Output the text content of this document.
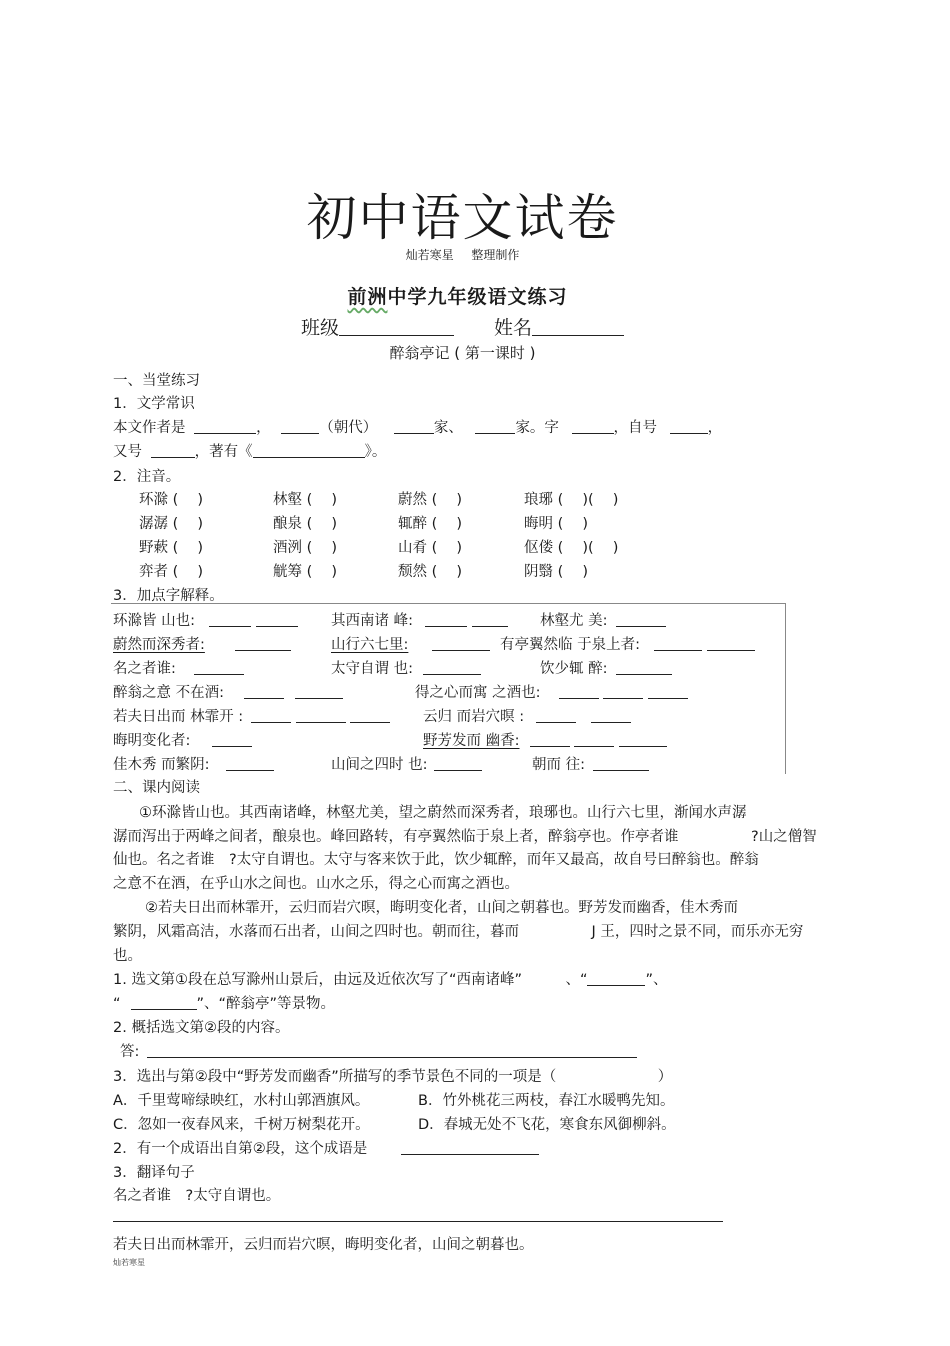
初中语文试卷
灿若寒星 整理制作
前洲中学九年级语文练习
班级	姓名
醉翁亭记 ( 第一课时 )
一、当堂练习
1．文学常识
本文作者是	，	（朝代）	家、	家。字	，自号	，
又号	，著有《	》。
2．注音。
环滁 (　 )	林壑 (　 )	蔚然 (　 )	琅琊 (　 )(　 )
潺潺 (　 )	酿泉 (　 )	辄醉 (　 )	晦明 (　 )
野蔌 (　 )	酒洌 (　 )	山肴 (　 )	伛偻 (　 )(　 )
弈者 (　 )	觥筹 (　 )	颓然 (　 )	阴翳 (　 )
3．加点字解释。
环滁皆 山也:	其西南诸 峰:	林壑尤 美:
蔚然而深秀者:	山行六七里:	有亭翼然临 于泉上者:
名之者谁:	太守自谓 也:	饮少辄 醉:
醉翁之意 不在酒:	得之心而寓 之酒也:
若夫日出而 林霏开 :	云归 而岩穴暝 :
晦明变化者:	野芳发而 幽香:
佳木秀 而繁阴:	山间之四时 也:	朝而 往:
二、课内阅读
①环滁皆山也。其西南诸峰，林壑尤美，望之蔚然而深秀者，琅琊也。山行六七里，渐闻水声潺
潺而泻出于两峰之间者，酿泉也。峰回路转，有亭翼然临于泉上者，醉翁亭也。作亭者谁　　　　　?山之僧智
仙也。名之者谁　?太守自谓也。太守与客来饮于此，饮少辄醉，而年又最高，故自号曰醉翁也。醉翁
之意不在酒，在乎山水之间也。山水之乐，得之心而寓之酒也。
②若夫日出而林霏开，云归而岩穴暝，晦明变化者，山间之朝暮也。野芳发而幽香，佳木秀而
繁阴，风霜高洁，水落而石出者，山间之四时也。朝而往，暮而　　　　　J 王，四时之景不同，而乐亦无穷
也。
1. 选文第①段在总写滁州山景后，由远及近依次写了“西南诸峰”　　　、“	”、
“	”、“醉翁亭”等景物。
2. 概括选文第②段的内容。
答:
3．选出与第②段中“野芳发而幽香”所描写的季节景色不同的一项是（　　　　　　　）
A．千里莺啼绿映红，水村山郭酒旗风。	B．竹外桃花三两枝，春江水暖鸭先知。
C．忽如一夜春风来，千树万树梨花开。	D．春城无处不飞花，寒食东风御柳斜。
2．有一个成语出自第②段，这个成语是
3．翻译句子
名之者谁　?太守自谓也。
若夫日出而林霏开，云归而岩穴暝，晦明变化者，山间之朝暮也。
灿若寒星
